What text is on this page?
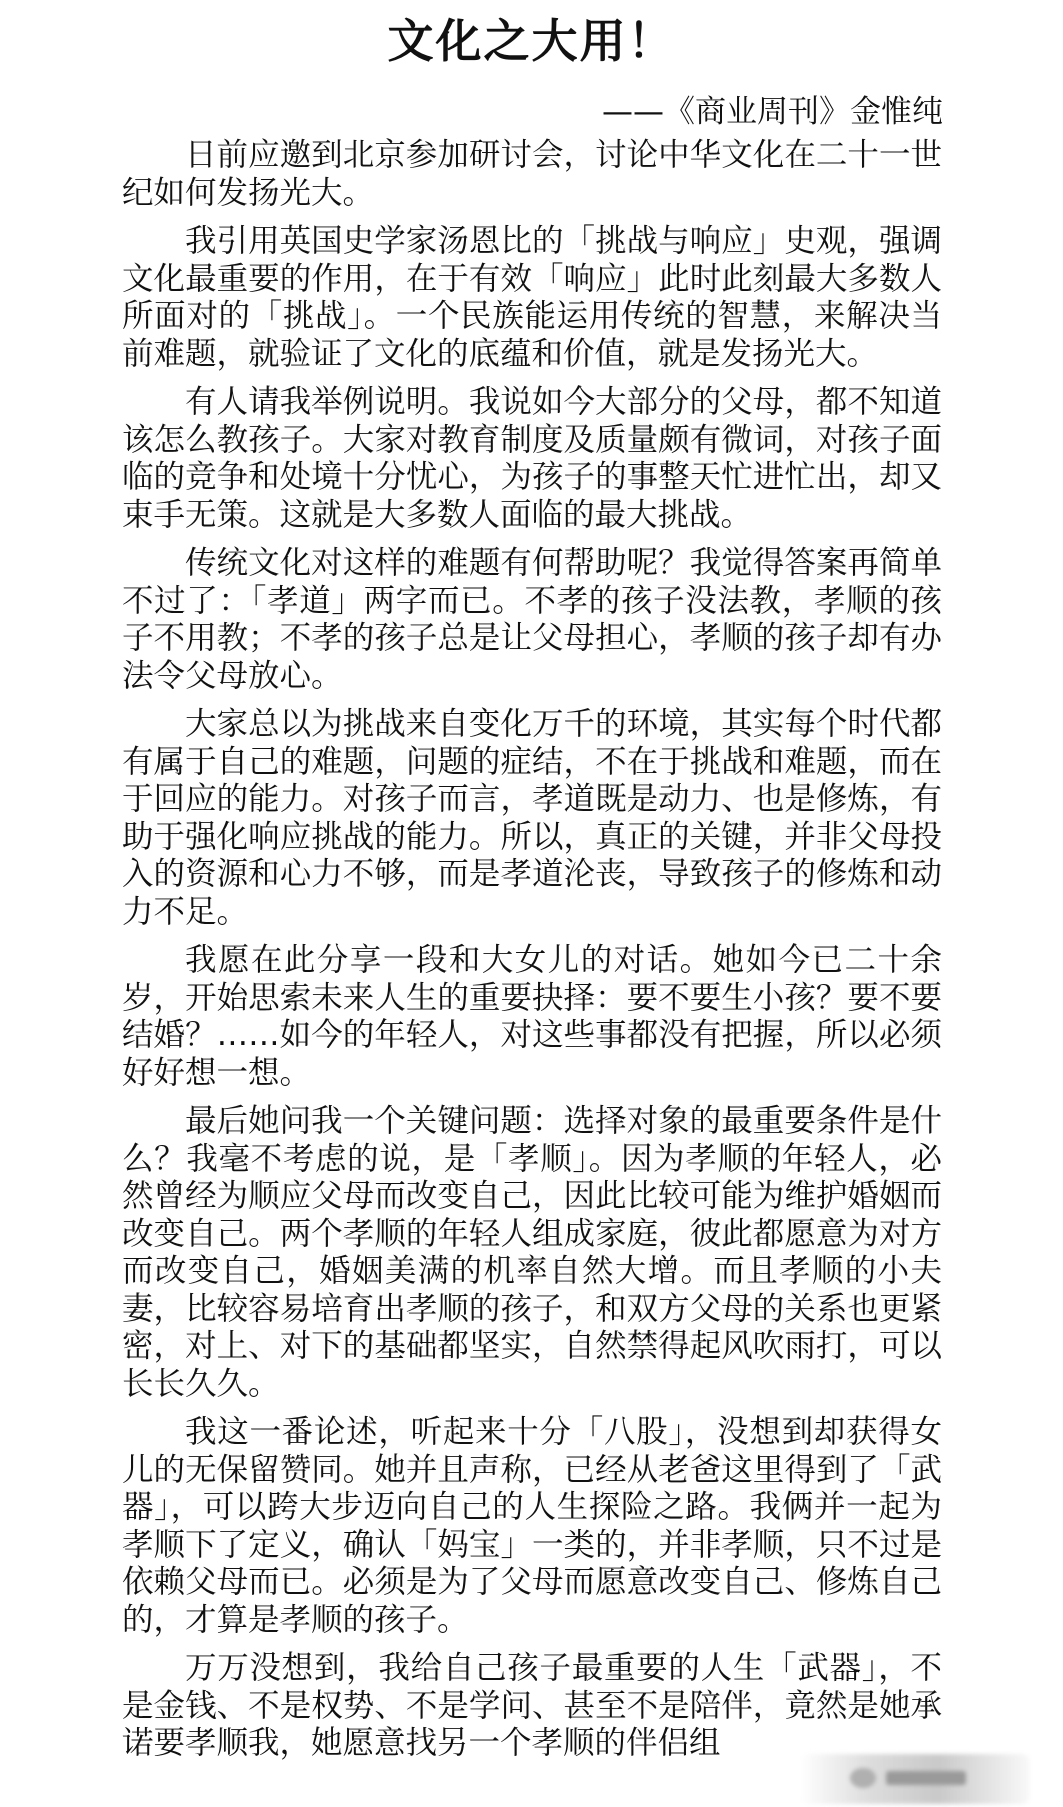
文化之大用！
——《商业周刊》金惟纯

日前应邀到北京参加研讨会，讨论中华文化在二十一世纪如何发扬光大。

我引用英国史学家汤恩比的「挑战与响应」史观，强调文化最重要的作用，在于有效「响应」此时此刻最大多数人所面对的「挑战」。一个民族能运用传统的智慧，来解决当前难题，就验证了文化的底蕴和价值，就是发扬光大。

有人请我举例说明。我说如今大部分的父母，都不知道该怎么教孩子。大家对教育制度及质量颇有微词，对孩子面临的竞争和处境十分忧心，为孩子的事整天忙进忙出，却又束手无策。这就是大多数人面临的最大挑战。

传统文化对这样的难题有何帮助呢？我觉得答案再简单不过了：「孝道」两字而已。不孝的孩子没法教，孝顺的孩子不用教；不孝的孩子总是让父母担心，孝顺的孩子却有办法令父母放心。

大家总以为挑战来自变化万千的环境，其实每个时代都有属于自己的难题，问题的症结，不在于挑战和难题，而在于回应的能力。对孩子而言，孝道既是动力、也是修炼，有助于强化响应挑战的能力。所以，真正的关键，并非父母投入的资源和心力不够，而是孝道沦丧，导致孩子的修炼和动力不足。

我愿在此分享一段和大女儿的对话。她如今已二十余岁，开始思索未来人生的重要抉择：要不要生小孩？要不要结婚？……如今的年轻人，对这些事都没有把握，所以必须好好想一想。

最后她问我一个关键问题：选择对象的最重要条件是什么？我毫不考虑的说，是「孝顺」。因为孝顺的年轻人，必然曾经为顺应父母而改变自己，因此比较可能为维护婚姻而改变自己。两个孝顺的年轻人组成家庭，彼此都愿意为对方而改变自己，婚姻美满的机率自然大增。而且孝顺的小夫妻，比较容易培育出孝顺的孩子，和双方父母的关系也更紧密，对上、对下的基础都坚实，自然禁得起风吹雨打，可以长长久久。

我这一番论述，听起来十分「八股」，没想到却获得女儿的无保留赞同。她并且声称，已经从老爸这里得到了「武器」，可以跨大步迈向自己的人生探险之路。我俩并一起为孝顺下了定义，确认「妈宝」一类的，并非孝顺，只不过是依赖父母而已。必须是为了父母而愿意改变自己、修炼自己的，才算是孝顺的孩子。

万万没想到，我给自己孩子最重要的人生「武器」，不是金钱、不是权势、不是学问、甚至不是陪伴，竟然是她承诺要孝顺我，她愿意找另一个孝顺的伴侣组
